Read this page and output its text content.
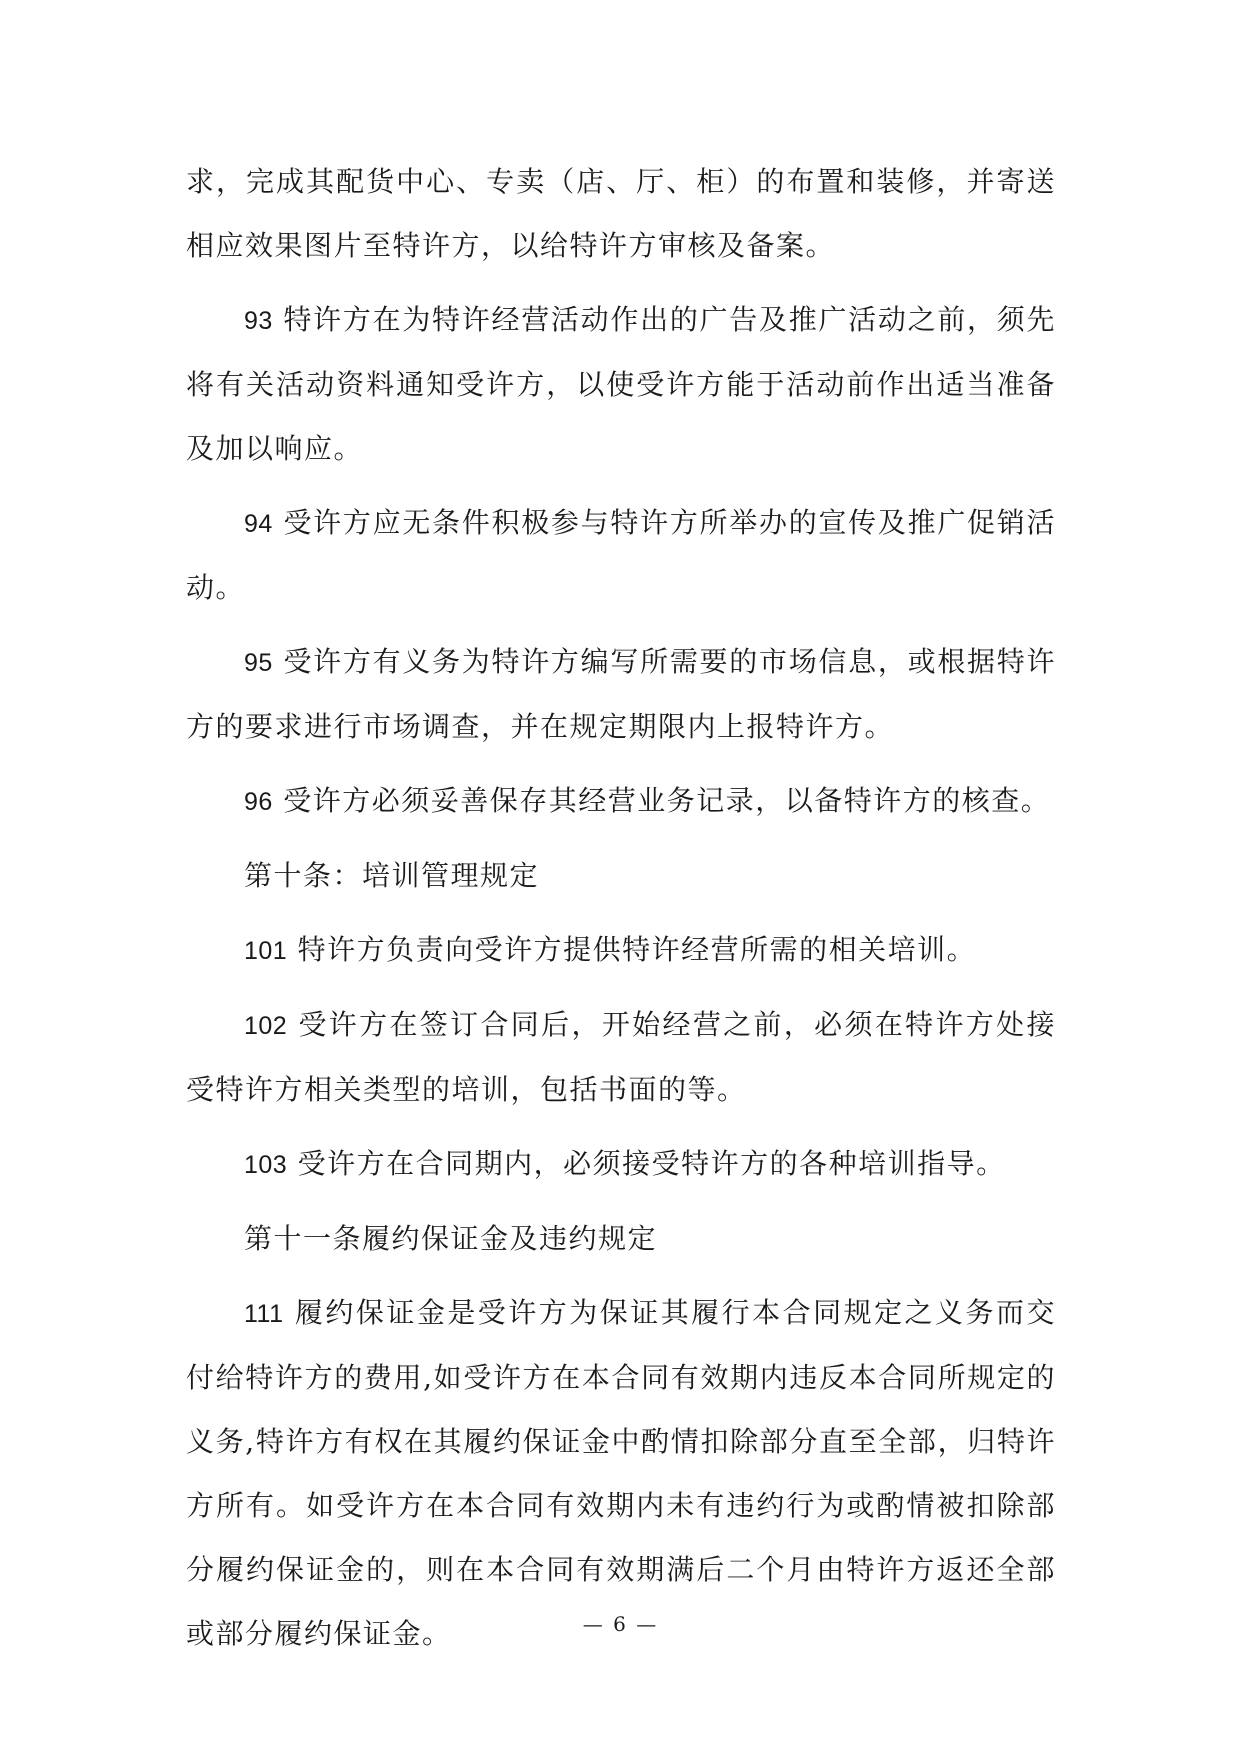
求，完成其配货中心、专卖（店、厅、柜）的布置和装修，并寄送相应效果图片至特许方，以给特许方审核及备案。

93 特许方在为特许经营活动作出的广告及推广活动之前，须先将有关活动资料通知受许方，以使受许方能于活动前作出适当准备及加以响应。

94 受许方应无条件积极参与特许方所举办的宣传及推广促销活动。

95 受许方有义务为特许方编写所需要的市场信息，或根据特许方的要求进行市场调查，并在规定期限内上报特许方。

96 受许方必须妥善保存其经营业务记录，以备特许方的核查。

第十条：培训管理规定

101 特许方负责向受许方提供特许经营所需的相关培训。

102 受许方在签订合同后，开始经营之前，必须在特许方处接受特许方相关类型的培训，包括书面的等。

103 受许方在合同期内，必须接受特许方的各种培训指导。

第十一条履约保证金及违约规定

111 履约保证金是受许方为保证其履行本合同规定之义务而交付给特许方的费用,如受许方在本合同有效期内违反本合同所规定的义务,特许方有权在其履约保证金中酌情扣除部分直至全部，归特许方所有。如受许方在本合同有效期内未有违约行为或酌情被扣除部分履约保证金的，则在本合同有效期满后二个月由特许方返还全部或部分履约保证金。	— 6 —
